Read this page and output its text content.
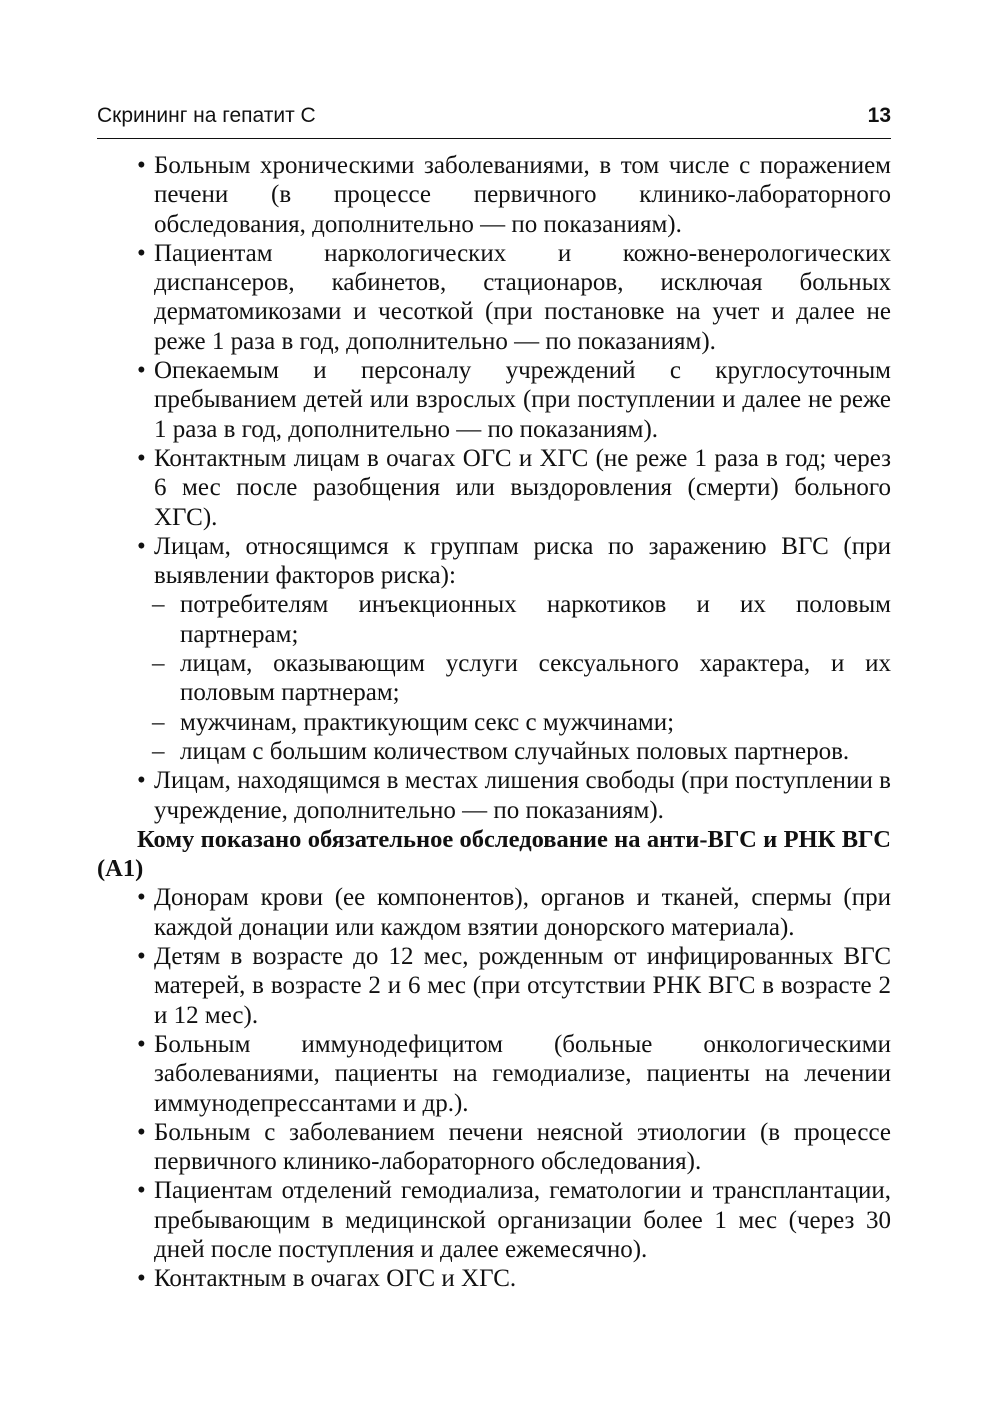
Скрининг на гепатит С	13
• Больным хроническими заболеваниями, в том числе с поражением печени (в процессе первичного клинико-лабораторного обследования, дополнительно — по показаниям).
• Пациентам наркологических и кожно-венерологических диспансеров, кабинетов, стационаров, исключая больных дерматомикозами и чесоткой (при постановке на учет и далее не реже 1 раза в год, дополнительно — по показаниям).
• Опекаемым и персоналу учреждений с круглосуточным пребыванием детей или взрослых (при поступлении и далее не реже 1 раза в год, дополнительно — по показаниям).
• Контактным лицам в очагах ОГС и ХГС (не реже 1 раза в год; через 6 мес после разобщения или выздоровления (смерти) больного ХГС).
• Лицам, относящимся к группам риска по заражению ВГС (при выявлении факторов риска):
– потребителям инъекционных наркотиков и их половым партнерам;
– лицам, оказывающим услуги сексуального характера, и их половым партнерам;
– мужчинам, практикующим секс с мужчинами;
– лицам с большим количеством случайных половых партнеров.
• Лицам, находящимся в местах лишения свободы (при поступлении в учреждение, дополнительно — по показаниям).

Кому показано обязательное обследование на анти-ВГС и РНК ВГС (A1)

• Донорам крови (ее компонентов), органов и тканей, спермы (при каждой донации или каждом взятии донорского материала).
• Детям в возрасте до 12 мес, рожденным от инфицированных ВГС матерей, в возрасте 2 и 6 мес (при отсутствии РНК ВГС в возрасте 2 и 12 мес).
• Больным иммунодефицитом (больные онкологическими заболеваниями, пациенты на гемодиализе, пациенты на лечении иммунодепрессантами и др.).
• Больным с заболеванием печени неясной этиологии (в процессе первичного клинико-лабораторного обследования).
• Пациентам отделений гемодиализа, гематологии и трансплантации, пребывающим в медицинской организации более 1 мес (через 30 дней после поступления и далее ежемесячно).
• Контактным в очагах ОГС и ХГС.
